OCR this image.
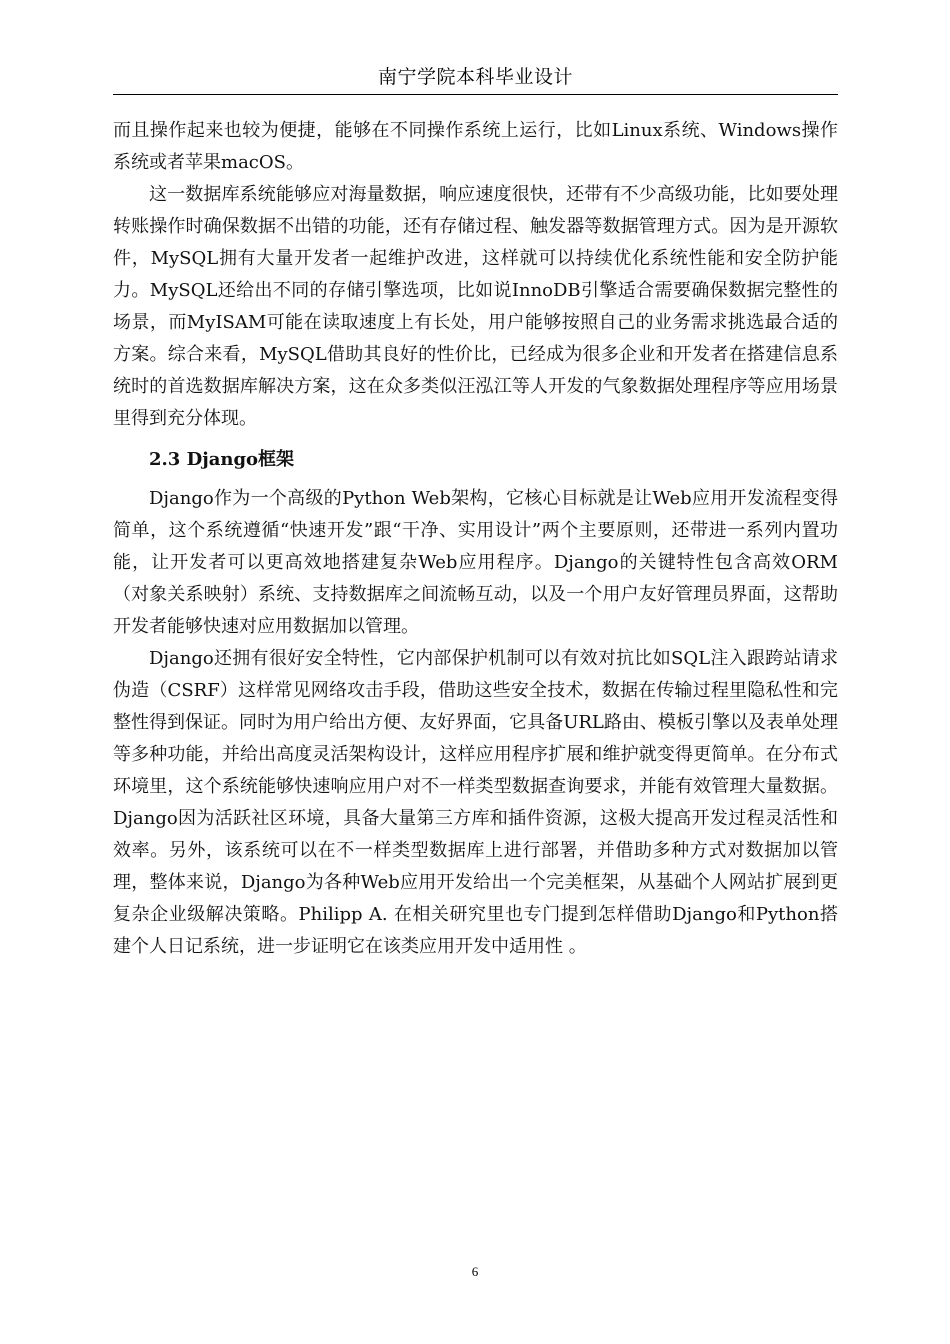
南宁学院本科毕业设计

而且操作起来也较为便捷，能够在不同操作系统上运行，比如Linux系统、Windows操作系统或者苹果macOS。

这一数据库系统能够应对海量数据，响应速度很快，还带有不少高级功能，比如要处理转账操作时确保数据不出错的功能，还有存储过程、触发器等数据管理方式。因为是开源软件，MySQL拥有大量开发者一起维护改进，这样就可以持续优化系统性能和安全防护能力。MySQL还给出不同的存储引擎选项，比如说InnoDB引擎适合需要确保数据完整性的场景，而MyISAM可能在读取速度上有长处，用户能够按照自己的业务需求挑选最合适的方案。综合来看，MySQL借助其良好的性价比，已经成为很多企业和开发者在搭建信息系统时的首选数据库解决方案，这在众多类似汪泓江等人开发的气象数据处理程序等应用场景里得到充分体现。

2.3 Django框架

Django作为一个高级的Python Web架构，它核心目标就是让Web应用开发流程变得简单，这个系统遵循“快速开发”跟“干净、实用设计”两个主要原则，还带进一系列内置功能，让开发者可以更高效地搭建复杂Web应用程序。Django的关键特性包含高效ORM（对象关系映射）系统、支持数据库之间流畅互动，以及一个用户友好管理员界面，这帮助开发者能够快速对应用数据加以管理。

Django还拥有很好安全特性，它内部保护机制可以有效对抗比如SQL注入跟跨站请求伪造（CSRF）这样常见网络攻击手段，借助这些安全技术，数据在传输过程里隐私性和完整性得到保证。同时为用户给出方便、友好界面，它具备URL路由、模板引擎以及表单处理等多种功能，并给出高度灵活架构设计，这样应用程序扩展和维护就变得更简单。在分布式环境里，这个系统能够快速响应用户对不一样类型数据查询要求，并能有效管理大量数据。Django因为活跃社区环境，具备大量第三方库和插件资源，这极大提高开发过程灵活性和效率。另外，该系统可以在不一样类型数据库上进行部署，并借助多种方式对数据加以管理，整体来说，Django为各种Web应用开发给出一个完美框架，从基础个人网站扩展到更复杂企业级解决策略。Philipp A. 在相关研究里也专门提到怎样借助Django和Python搭建个人日记系统，进一步证明它在该类应用开发中适用性 。

6
